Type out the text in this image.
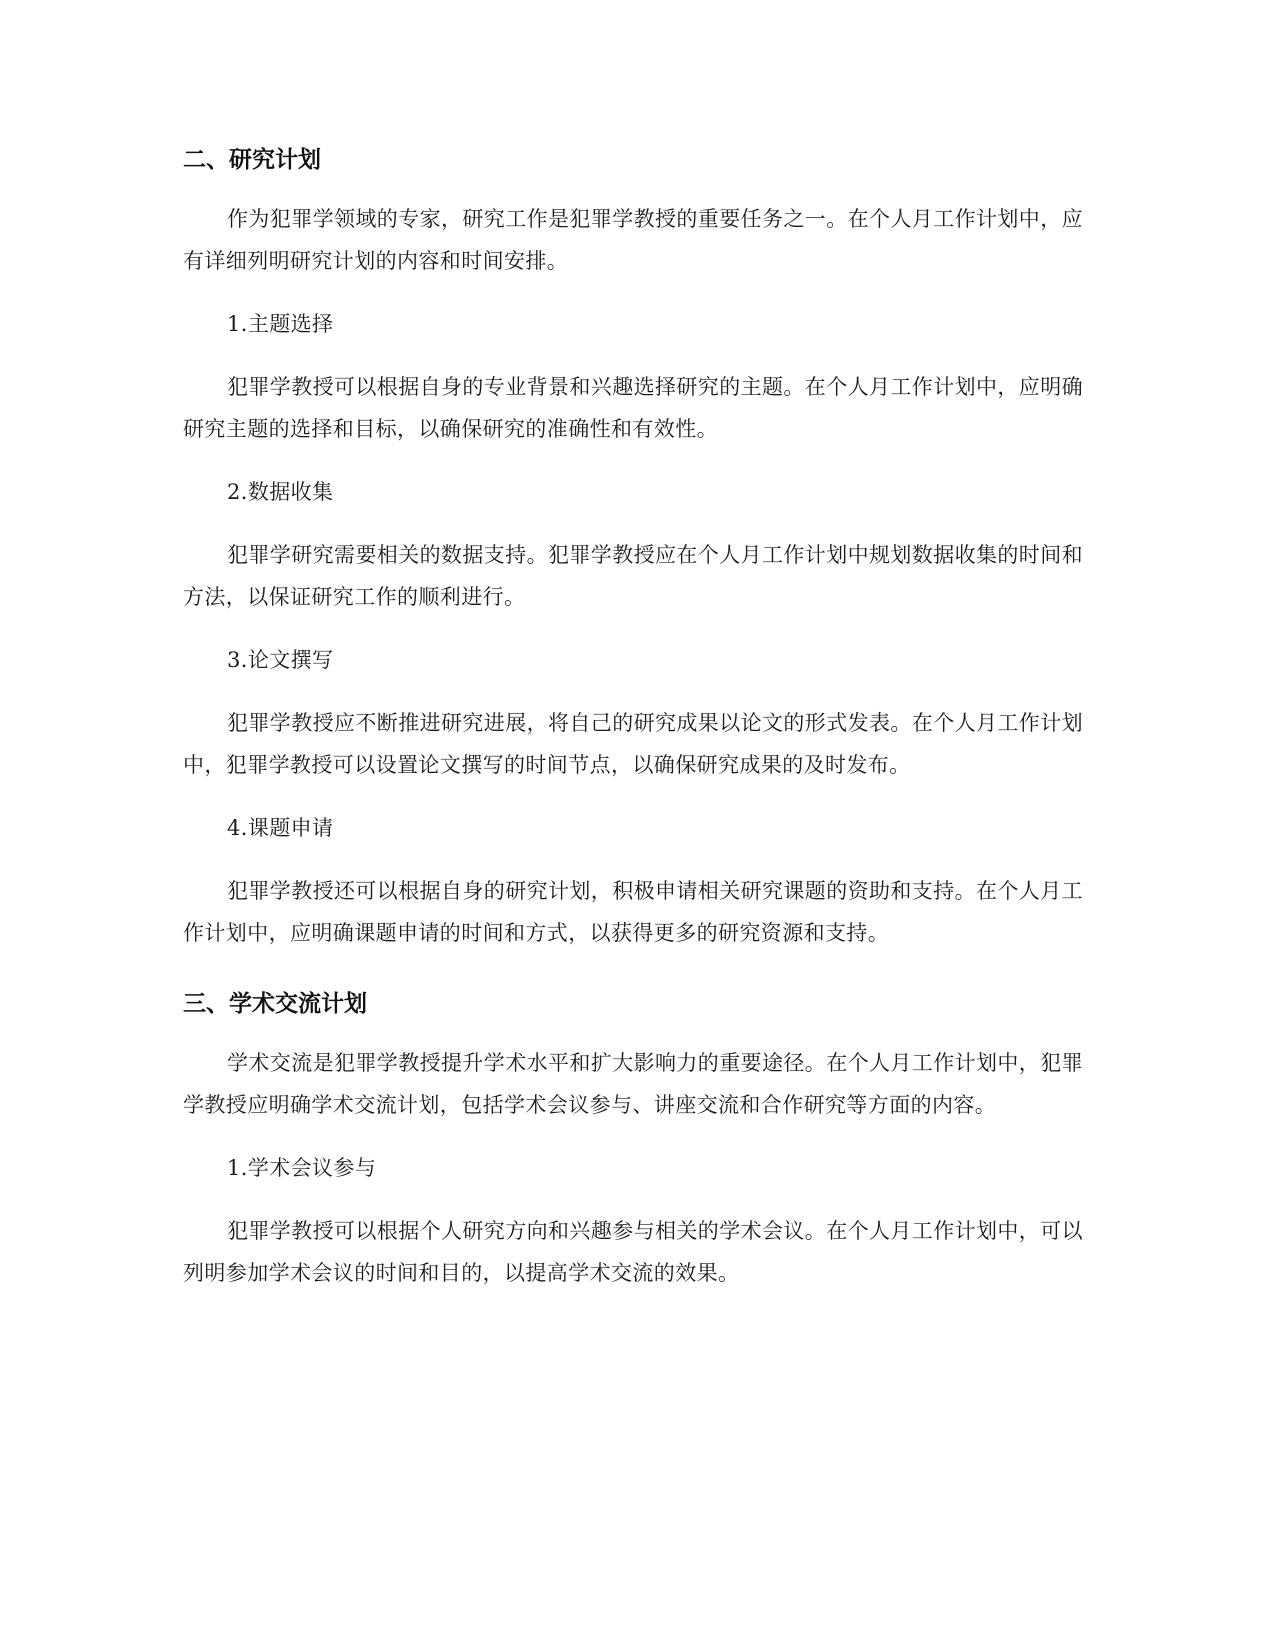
二、研究计划

作为犯罪学领域的专家，研究工作是犯罪学教授的重要任务之一。在个人月工作计划中，应有详细列明研究计划的内容和时间安排。

1.主题选择

犯罪学教授可以根据自身的专业背景和兴趣选择研究的主题。在个人月工作计划中，应明确研究主题的选择和目标，以确保研究的准确性和有效性。

2.数据收集

犯罪学研究需要相关的数据支持。犯罪学教授应在个人月工作计划中规划数据收集的时间和方法，以保证研究工作的顺利进行。

3.论文撰写

犯罪学教授应不断推进研究进展，将自己的研究成果以论文的形式发表。在个人月工作计划中，犯罪学教授可以设置论文撰写的时间节点，以确保研究成果的及时发布。

4.课题申请

犯罪学教授还可以根据自身的研究计划，积极申请相关研究课题的资助和支持。在个人月工作计划中，应明确课题申请的时间和方式，以获得更多的研究资源和支持。

三、学术交流计划

学术交流是犯罪学教授提升学术水平和扩大影响力的重要途径。在个人月工作计划中，犯罪学教授应明确学术交流计划，包括学术会议参与、讲座交流和合作研究等方面的内容。

1.学术会议参与

犯罪学教授可以根据个人研究方向和兴趣参与相关的学术会议。在个人月工作计划中，可以列明参加学术会议的时间和目的，以提高学术交流的效果。
